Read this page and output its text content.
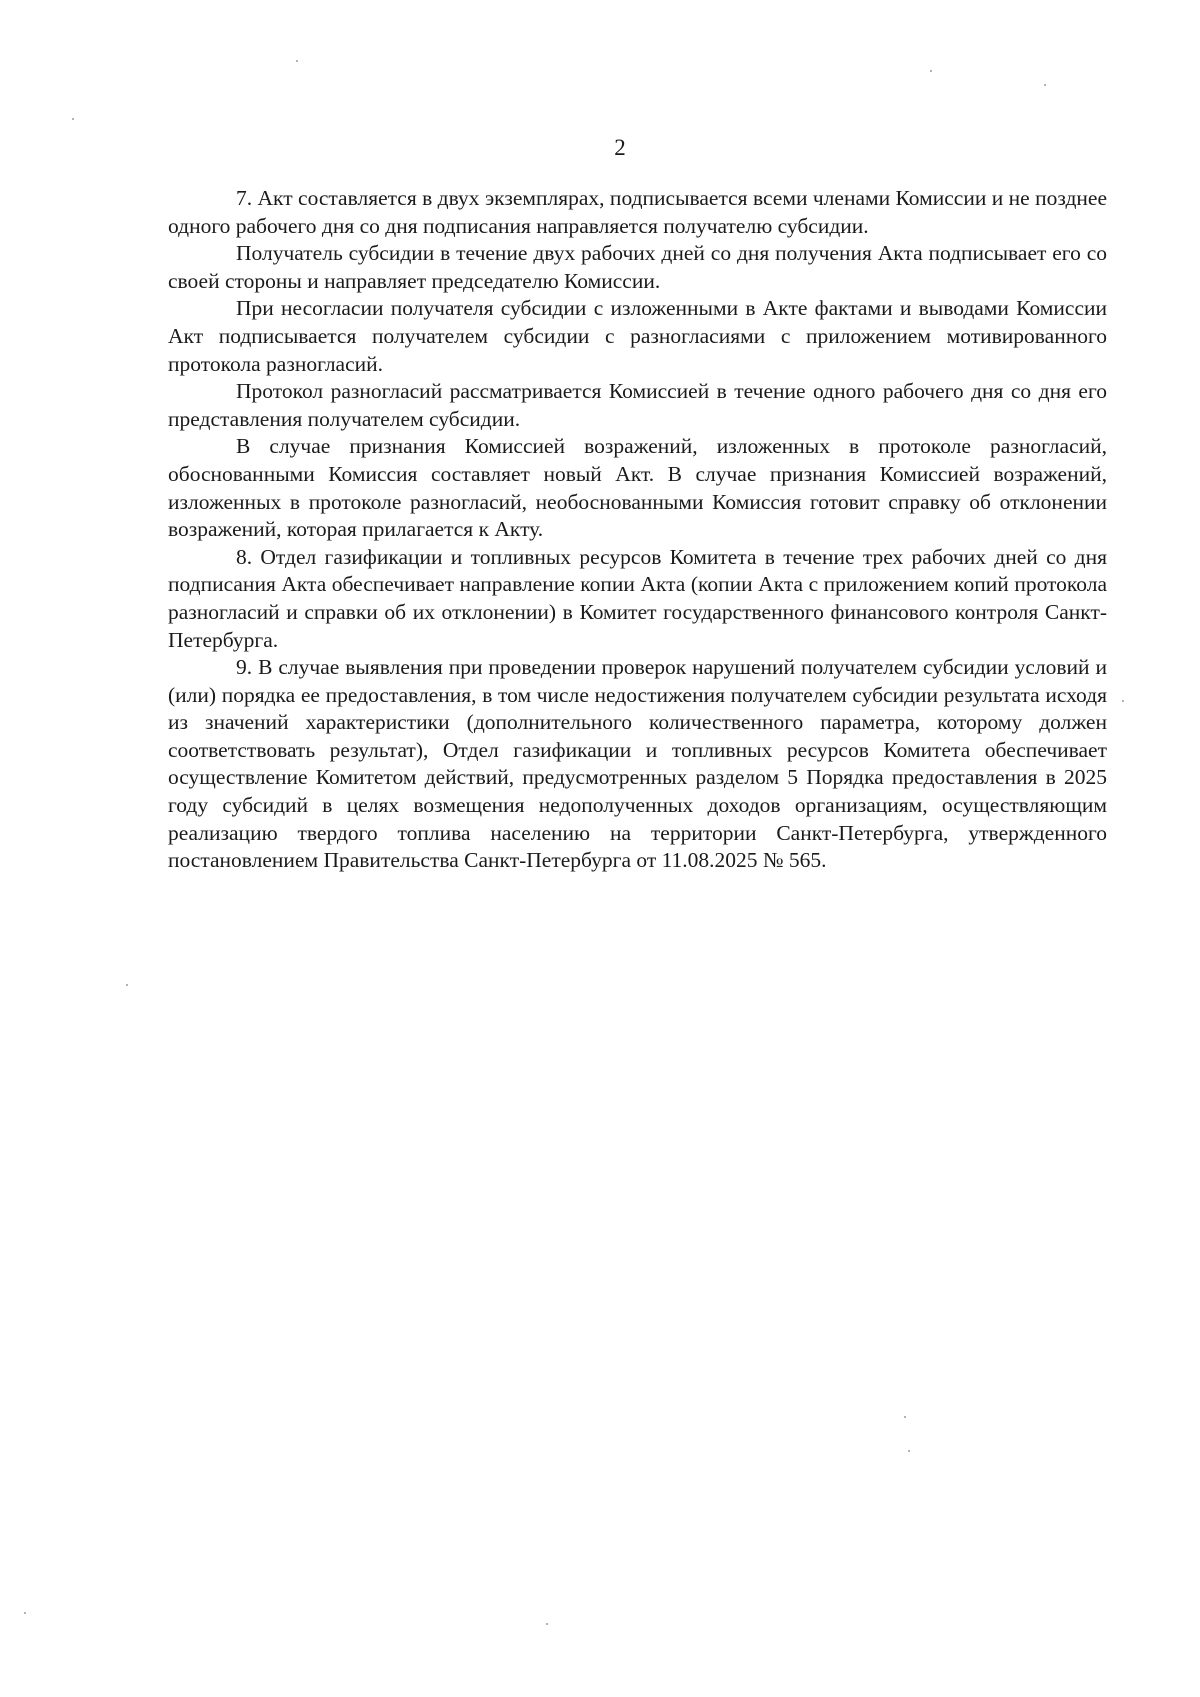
2

7. Акт составляется в двух экземплярах, подписывается всеми членами Комиссии и не позднее одного рабочего дня со дня подписания направляется получателю субсидии.

Получатель субсидии в течение двух рабочих дней со дня получения Акта подписывает его со своей стороны и направляет председателю Комиссии.

При несогласии получателя субсидии с изложенными в Акте фактами и выводами Комиссии Акт подписывается получателем субсидии с разногласиями с приложением мотивированного протокола разногласий.

Протокол разногласий рассматривается Комиссией в течение одного рабочего дня со дня его представления получателем субсидии.

В случае признания Комиссией возражений, изложенных в протоколе разногласий, обоснованными Комиссия составляет новый Акт. В случае признания Комиссией возражений, изложенных в протоколе разногласий, необоснованными Комиссия готовит справку об отклонении возражений, которая прилагается к Акту.

8. Отдел газификации и топливных ресурсов Комитета в течение трех рабочих дней со дня подписания Акта обеспечивает направление копии Акта (копии Акта с приложением копий протокола разногласий и справки об их отклонении) в Комитет государственного финансового контроля Санкт-Петербурга.

9. В случае выявления при проведении проверок нарушений получателем субсидии условий и (или) порядка ее предоставления, в том числе недостижения получателем субсидии результата исходя из значений характеристики (дополнительного количественного параметра, которому должен соответствовать результат), Отдел газификации и топливных ресурсов Комитета обеспечивает осуществление Комитетом действий, предусмотренных разделом 5 Порядка предоставления в 2025 году субсидий в целях возмещения недополученных доходов организациям, осуществляющим реализацию твердого топлива населению на территории Санкт-Петербурга, утвержденного постановлением Правительства Санкт-Петербурга от 11.08.2025 № 565.
